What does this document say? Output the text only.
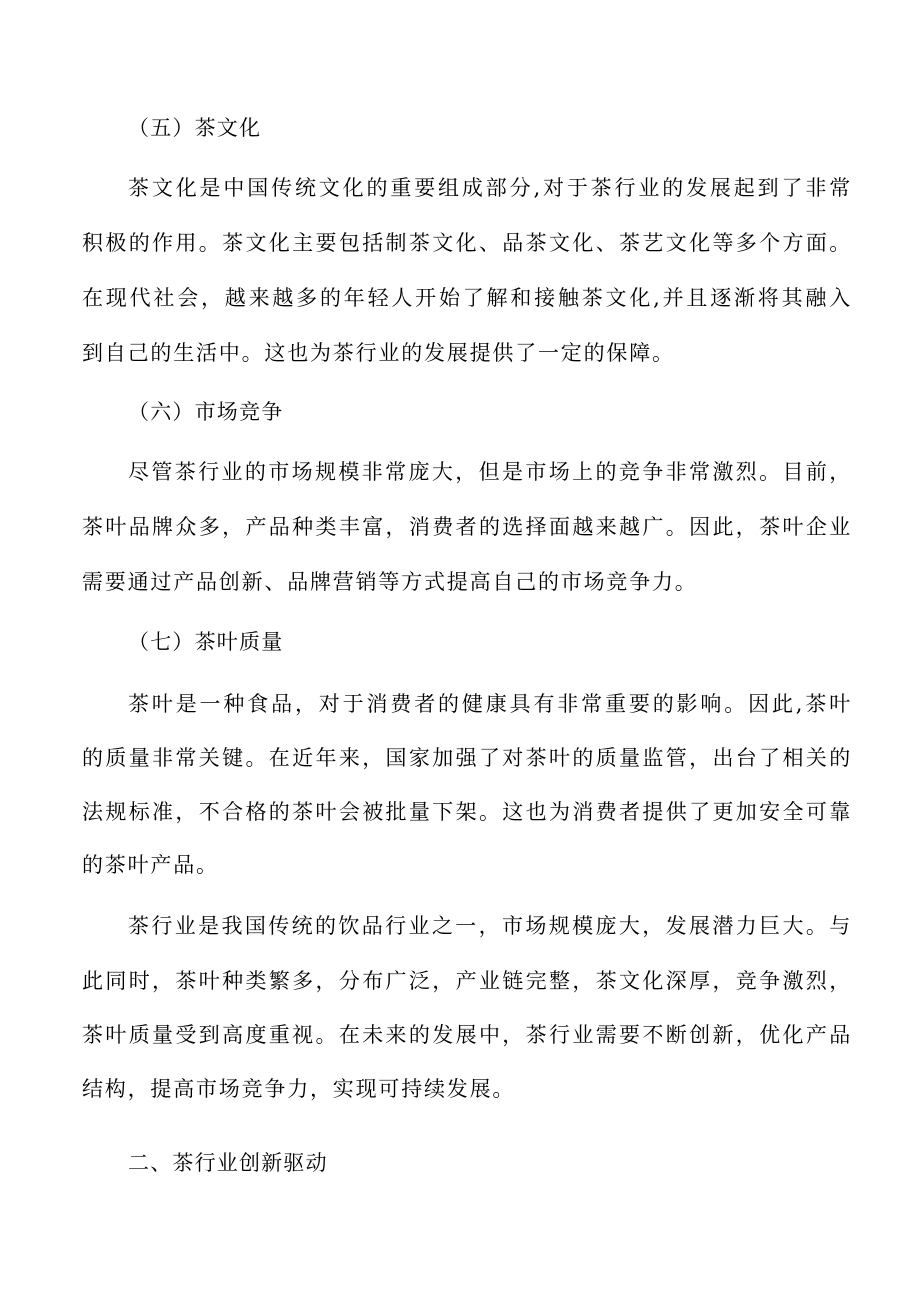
（五）茶文化
茶文化是中国传统文化的重要组成部分,对于茶行业的发展起到了非常
积极的作用。茶文化主要包括制茶文化、品茶文化、茶艺文化等多个方面。
在现代社会，越来越多的年轻人开始了解和接触茶文化,并且逐渐将其融入
到自己的生活中。这也为茶行业的发展提供了一定的保障。
（六）市场竞争
尽管茶行业的市场规模非常庞大，但是市场上的竞争非常激烈。目前，
茶叶品牌众多，产品种类丰富，消费者的选择面越来越广。因此，茶叶企业
需要通过产品创新、品牌营销等方式提高自己的市场竞争力。
（七）茶叶质量
茶叶是一种食品，对于消费者的健康具有非常重要的影响。因此,茶叶
的质量非常关键。在近年来，国家加强了对茶叶的质量监管，出台了相关的
法规标准，不合格的茶叶会被批量下架。这也为消费者提供了更加安全可靠
的茶叶产品。
茶行业是我国传统的饮品行业之一，市场规模庞大，发展潜力巨大。与
此同时，茶叶种类繁多，分布广泛，产业链完整，茶文化深厚，竞争激烈，
茶叶质量受到高度重视。在未来的发展中，茶行业需要不断创新，优化产品
结构，提高市场竞争力，实现可持续发展。
二、茶行业创新驱动
